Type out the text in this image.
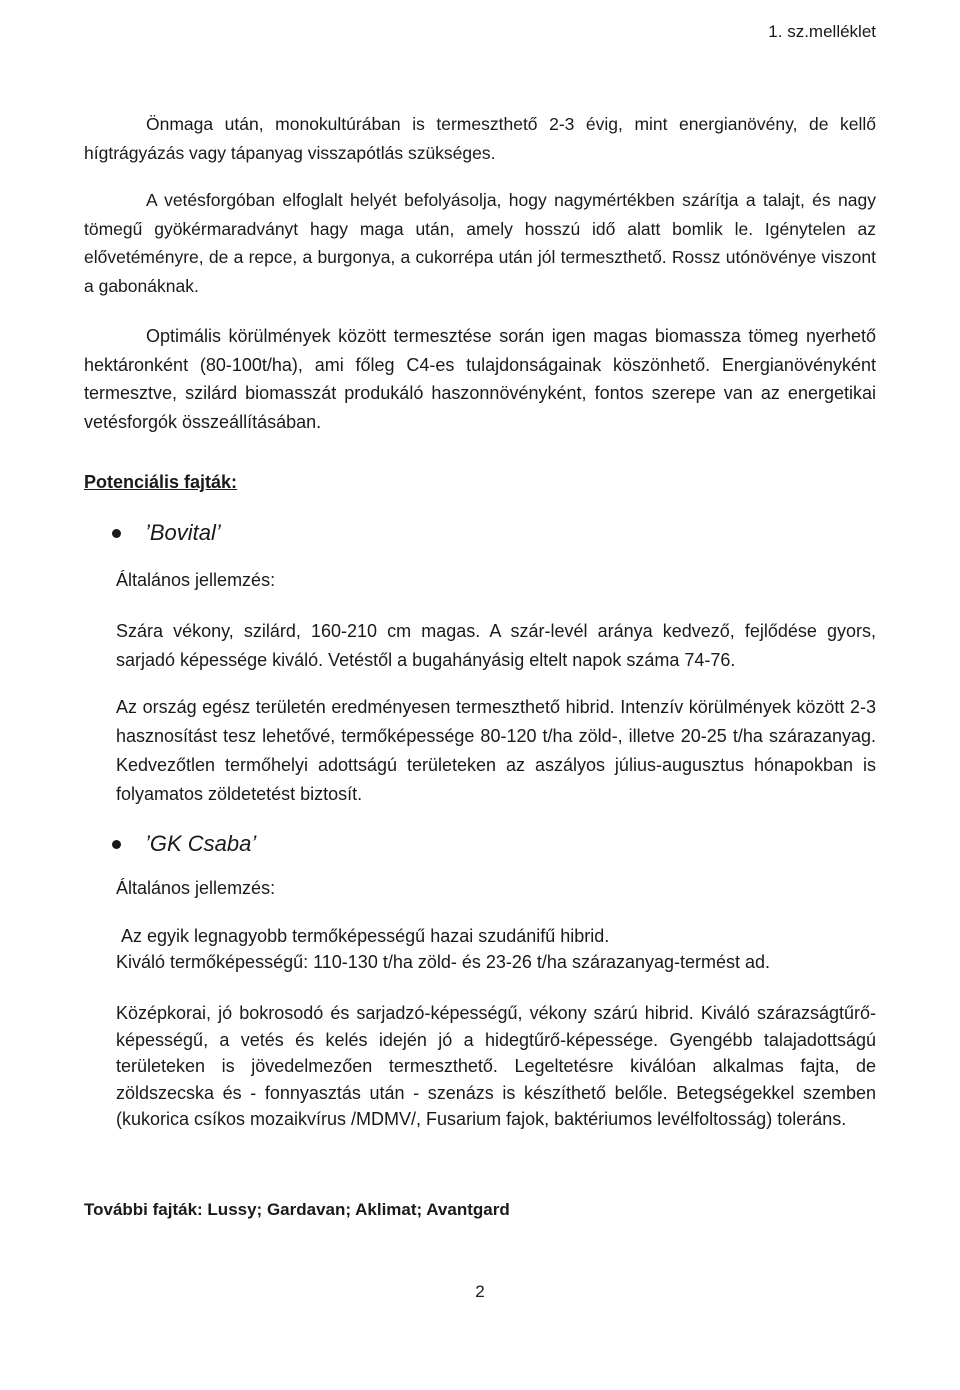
1. sz.melléklet

Önmaga után, monokultúrában is termeszthető 2-3 évig, mint energianövény, de kellő hígtrágyázás vagy tápanyag visszapótlás szükséges.

A vetésforgóban elfoglalt helyét befolyásolja, hogy nagymértékben szárítja a talajt, és nagy tömegű gyökérmaradványt hagy maga után, amely hosszú idő alatt bomlik le. Igénytelen az elővetéményre, de a repce, a burgonya, a cukorrépa után jól termeszthető. Rossz utónövénye viszont a gabonáknak.

Optimális körülmények között termesztése során igen magas biomassza tömeg nyerhető hektáronként (80-100t/ha), ami főleg C4-es tulajdonságainak köszönhető. Energianövényként termesztve, szilárd biomasszát produkáló haszonnövényként, fontos szerepe van az energetikai vetésforgók összeállításában.

Potenciális fajták:
’Bovital’
Általános jellemzés:

Szára vékony, szilárd, 160-210 cm magas. A szár-levél aránya kedvező, fejlődése gyors, sarjadó képessége kiváló. Vetéstől a bugahányásig eltelt napok száma 74-76.

Az ország egész területén eredményesen termeszthető hibrid. Intenzív körülmények között 2-3 hasznosítást tesz lehetővé, termőképessége 80-120 t/ha zöld-, illetve 20-25 t/ha szárazanyag. Kedvezőtlen termőhelyi adottságú területeken az aszályos július-augusztus hónapokban is folyamatos zöldetetést biztosít.

’GK Csaba’
Általános jellemzés:
Az egyik legnagyobb termőképességű hazai szudánifű hibrid.
Kiváló termőképességű: 110-130 t/ha zöld- és 23-26 t/ha szárazanyag-termést ad.

Középkorai, jó bokrosodó és sarjadzó-képességű, vékony szárú hibrid. Kiváló szárazságtűrő-képességű, a vetés és kelés idején jó a hidegtűrő-képessége. Gyengébb talajadottságú területeken is jövedelmezően termeszthető. Legeltetésre kiválóan alkalmas fajta, de zöldszecska és - fonnyasztás után - szenázs is készíthető belőle. Betegségekkel szemben (kukorica csíkos mozaikvírus /MDMV/, Fusarium fajok, baktériumos levélfoltosság) toleráns.

További fajták: Lussy; Gardavan; Aklimat; Avantgard
2
